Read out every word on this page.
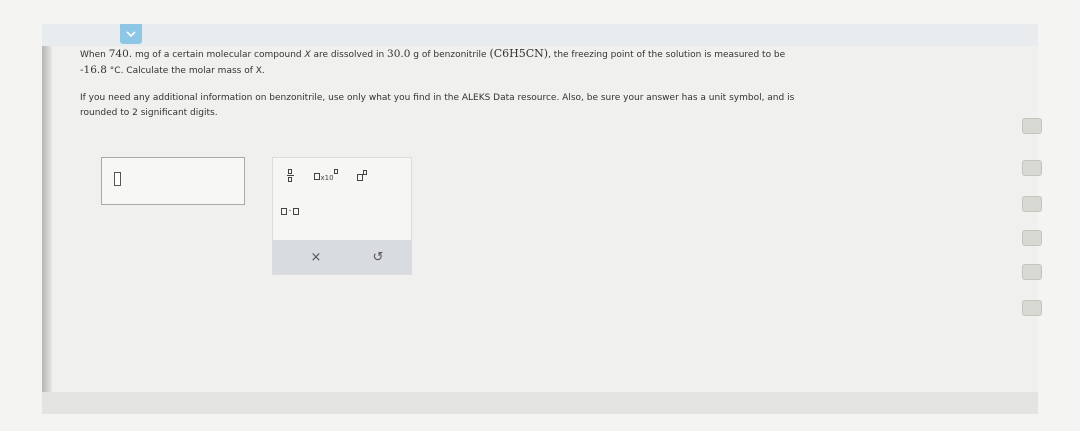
When 740. mg of a certain molecular compound X are dissolved in 30.0 g of benzonitrile (C6H5CN), the freezing point of the solution is measured to be
-16.8 °C. Calculate the molar mass of X.

If you need any additional information on benzonitrile, use only what you find in the ALEKS Data resource. Also, be sure your answer has a unit symbol, and is
rounded to 2 significant digits.

x10
·
×	↺
